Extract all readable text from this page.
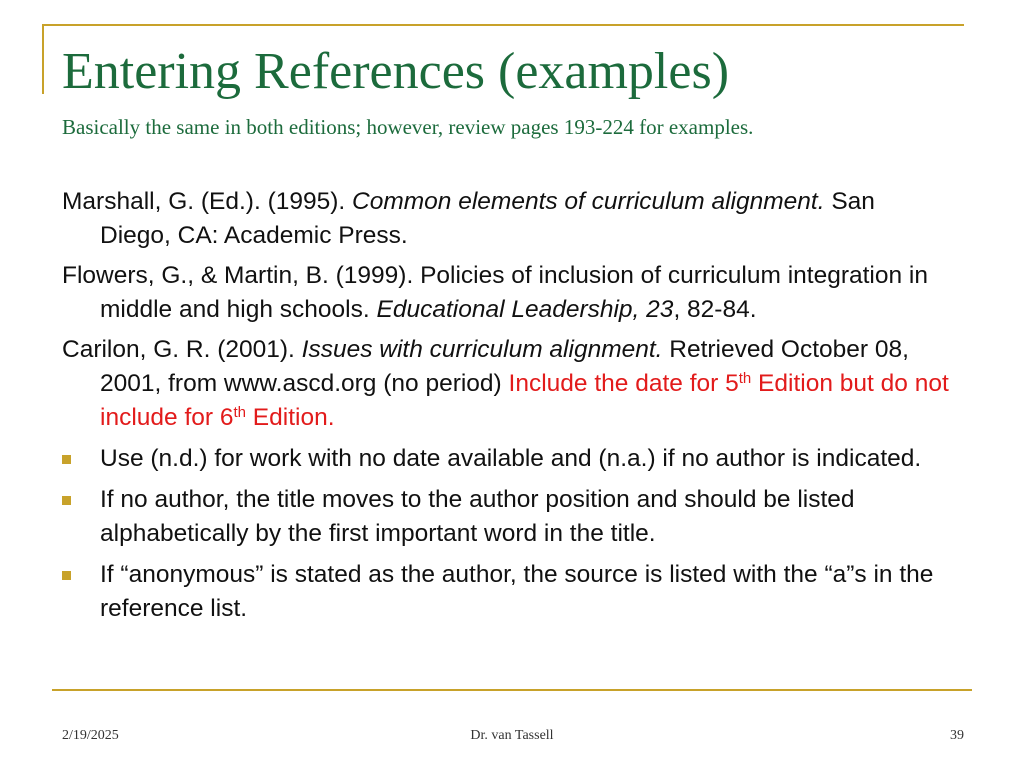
Entering References (examples)
Basically the same in both editions; however, review pages 193-224 for examples.

Marshall, G. (Ed.). (1995). Common elements of curriculum alignment. San Diego, CA: Academic Press.

Flowers, G., & Martin, B. (1999). Policies of inclusion of curriculum integration in middle and high schools. Educational Leadership, 23, 82-84.

Carilon, G. R. (2001). Issues with curriculum alignment. Retrieved October 08, 2001, from www.ascd.org (no period) Include the date for 5th Edition but do not include for 6th Edition.

Use (n.d.) for work with no date available and (n.a.) if no author is indicated.
If no author, the title moves to the author position and should be listed alphabetically by the first important word in the title.
If “anonymous” is stated as the author, the source is listed with the “a”s in the reference list.
2/19/2025	Dr. van Tassell	39
